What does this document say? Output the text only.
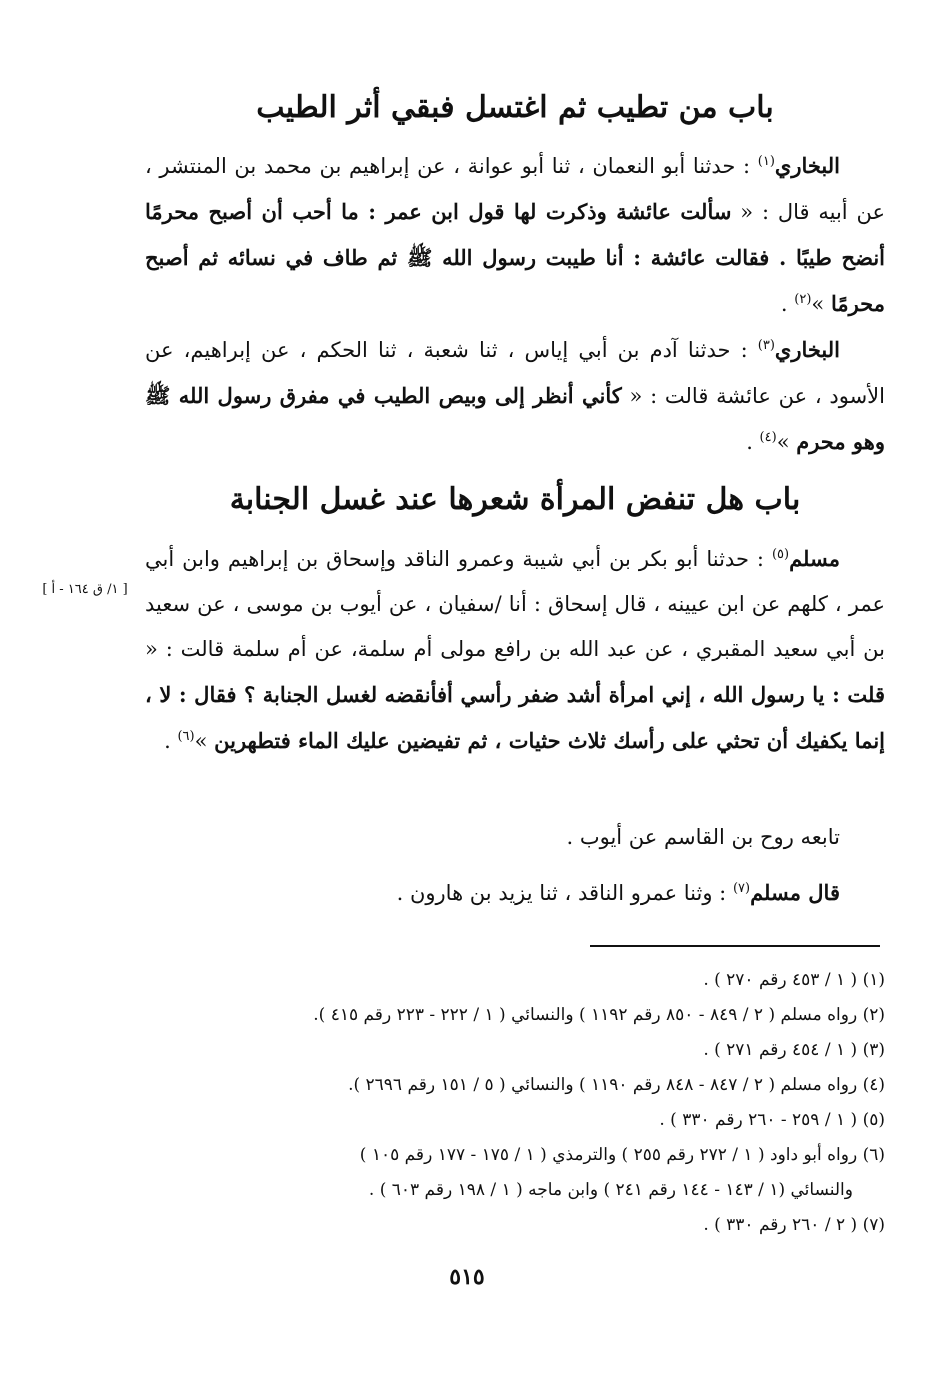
باب من تطيب ثم اغتسل فبقي أثر الطيب
البخاري$^{(١)}$ : حدثنا أبو النعمان ، ثنا أبو عوانة ، عن إبراهيم بن محمد بن المنتشر ، عن أبيه قال : « سألت عائشة وذكرت لها قول ابن عمر : ما أحب أن أصبح محرمًا أنضح طيبًا . فقالت عائشة : أنا طيبت رسول الله ﷺ ثم طاف في نسائه ثم أصبح محرمًا »$^{(٢)}$ .
البخاري$^{(٣)}$ : حدثنا آدم بن أبي إياس ، ثنا شعبة ، ثنا الحكم ، عن إبراهيم، عن الأسود ، عن عائشة قالت : « كأني أنظر إلى وبيص الطيب في مفرق رسول الله ﷺ وهو محرم »$^{(٤)}$ .
باب هل تنفض المرأة شعرها عند غسل الجنابة
مسلم$^{(٥)}$ : حدثنا أبو بكر بن أبي شيبة وعمرو الناقد وإسحاق بن إبراهيم وابن أبي عمر ، كلهم عن ابن عيينه ، قال إسحاق : أنا /سفيان ، عن أيوب بن موسى ، عن سعيد بن أبي سعيد المقبري ، عن عبد الله بن رافع مولى أم سلمة، عن أم سلمة قالت : « قلت : يا رسول الله ، إني امرأة أشد ضفر رأسي أفأنقضه لغسل الجنابة ؟ فقال : لا ، إنما يكفيك أن تحثي على رأسك ثلاث حثيات ، ثم تفيضين عليك الماء فتطهرين »$^{(٦)}$ .
[ ١/ ق ١٦٤ - أ ]
تابعه روح بن القاسم عن أيوب .
قال مسلم$^{(٧)}$ : وثنا عمرو الناقد ، ثنا يزيد بن هارون .
(١) ( ١ / ٤٥٣ رقم ٢٧٠ ) .
(٢) رواه مسلم ( ٢ / ٨٤٩ - ٨٥٠ رقم ١١٩٢ ) والنسائي ( ١ / ٢٢٢ - ٢٢٣ رقم ٤١٥ ).
(٣) ( ١ / ٤٥٤ رقم ٢٧١ ) .
(٤) رواه مسلم ( ٢ / ٨٤٧ - ٨٤٨ رقم ١١٩٠ ) والنسائي ( ٥ / ١٥١ رقم ٢٦٩٦ ).
(٥) ( ١ / ٢٥٩ - ٢٦٠ رقم ٣٣٠ ) .
(٦) رواه أبو داود ( ١ / ٢٧٢ رقم ٢٥٥ ) والترمذي ( ١ / ١٧٥ - ١٧٧ رقم ١٠٥ )
والنسائي (١ / ١٤٣ - ١٤٤ رقم ٢٤١ ) وابن ماجه ( ١ / ١٩٨ رقم ٦٠٣ ) .
(٧) ( ٢ / ٢٦٠ رقم ٣٣٠ ) .
٥١٥
